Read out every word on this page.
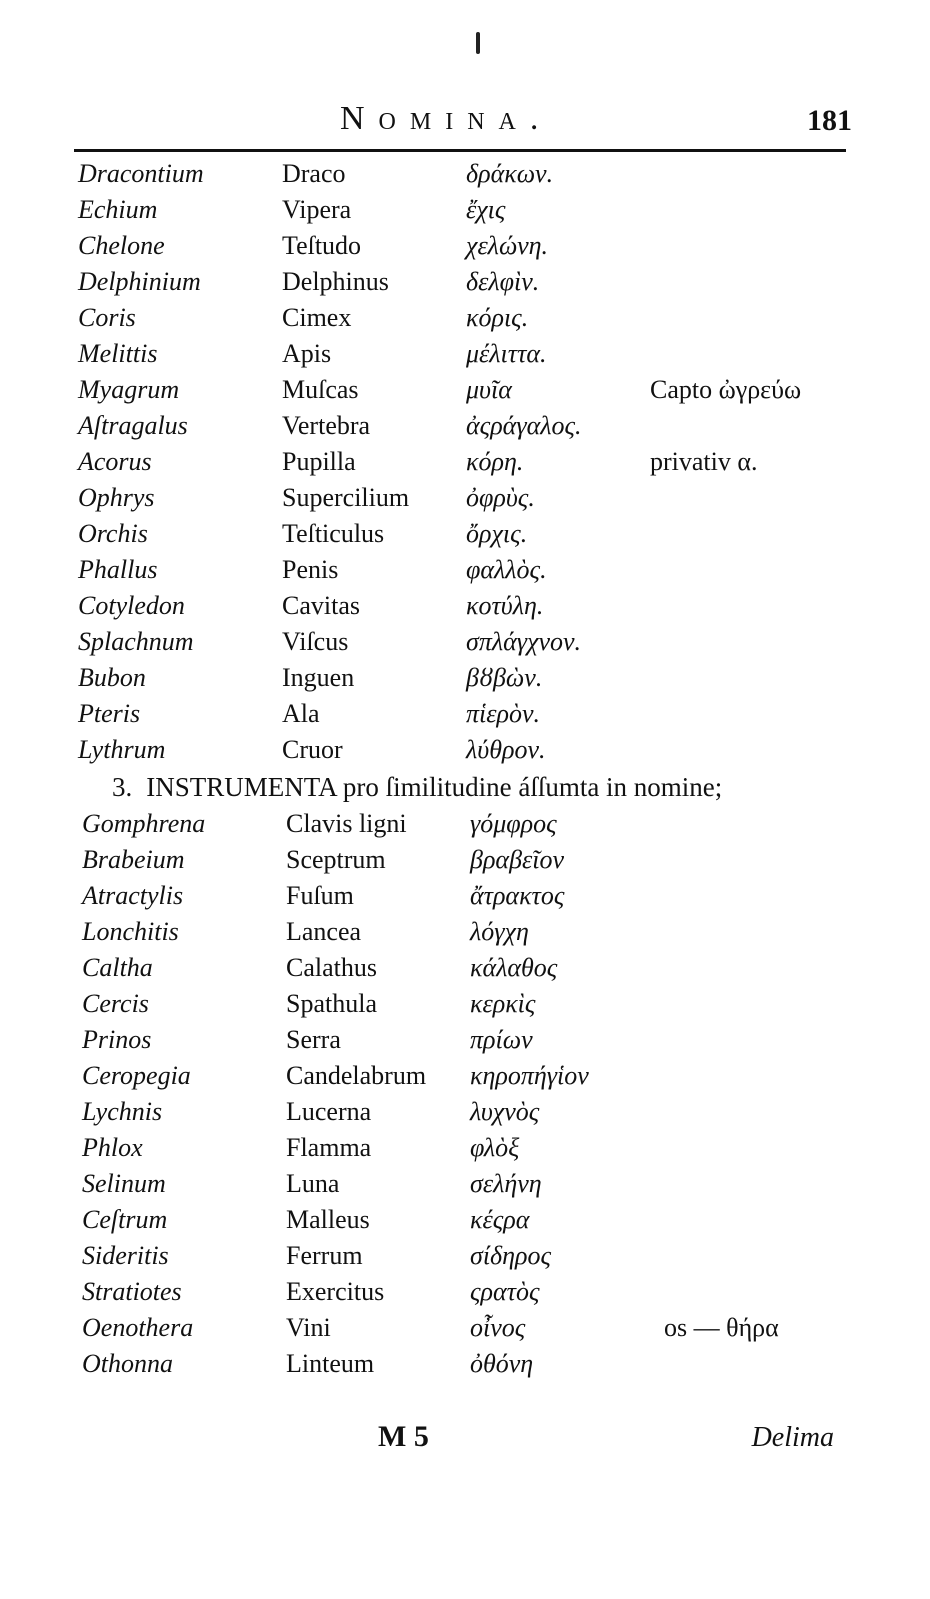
Nomina.	181
Dracontium	Draco	δράκων.
Echium	Vipera	ἔχις
Chelone	Teſtudo	χελώνη.
Delphinium	Delphinus	δελφὶν.
Coris	Cimex	κόρις.
Melittis	Apis	μέλιττα.
Myagrum	Muſcas	μυῖα	Capto ὠγρεύω
Aſtragalus	Vertebra	ἀςράγαλος.
Acorus	Pupilla	κόρη.	privativ α.
Ophrys	Supercilium ὀφρὺς.
Orchis	Teſticulus	ὄρχις.
Phallus	Penis	φαλλὸς.
Cotyledon	Cavitas	κοτύλη.
Splachnum	Viſcus	σπλάγχνον.
Bubon	Inguen	βȣβὼν.
Pteris	Ala	πἱερὸν.
Lythrum	Cruor	λύθρον.
3. INSTRUMENTA pro ſimilitudine áſſumta in nomine;
Gomphrena	Clavis ligni γόμφρος
Brabeium	Sceptrum	βραβεῖον
Atractylis	Fuſum	ἄτρακτος
Lonchitis	Lancea	λόγχη
Caltha	Calathus	κάλαθος
Cercis	Spathula	κερκὶς
Prinos	Serra	πρίων
Ceropegia	Candelabrum κηροπήγἱον
Lychnis	Lucerna	λυχνὸς
Phlox	Flamma	φλὸξ
Selinum	Luna	σελήνη
Ceſtrum	Malleus	κέςρα
Sideritis	Ferrum	σίδηρος
Stratiotes	Exercitus	ςρατὸς
Oenothera	Vini	οἶνος	os — θήρα
Othonna	Linteum	ὀθόνη
M 5	Delima
